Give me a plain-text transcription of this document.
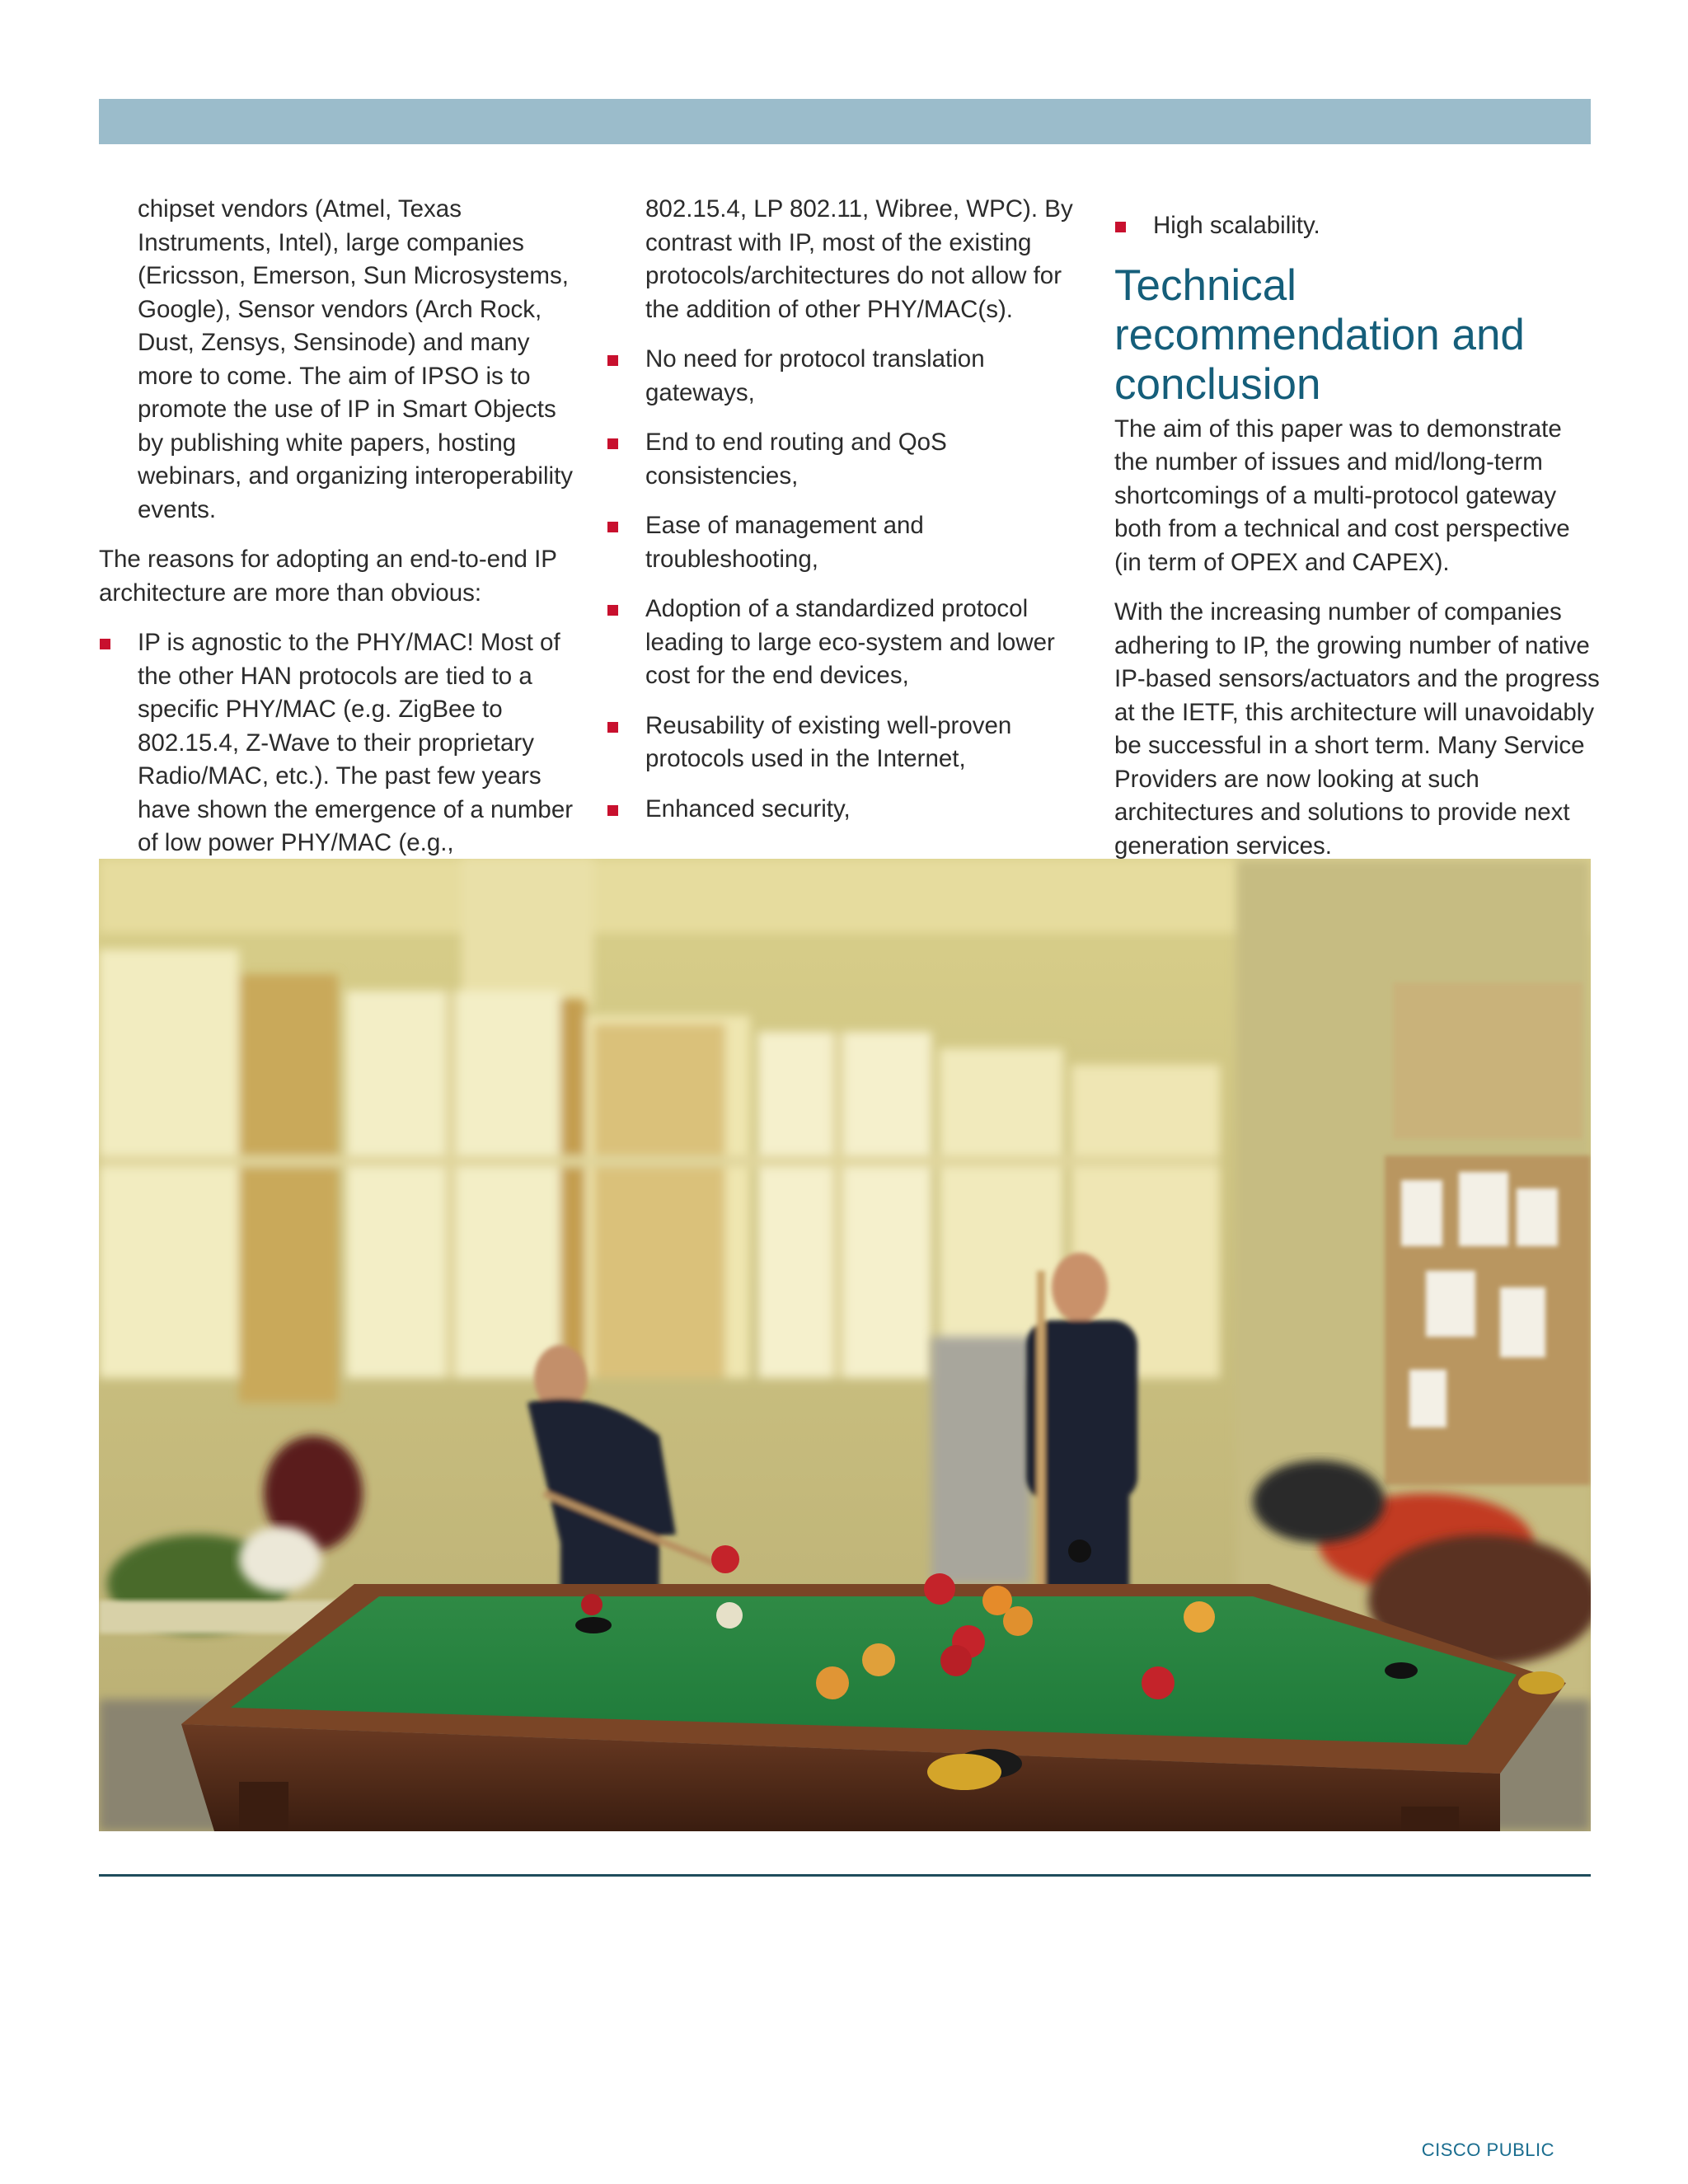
chipset vendors (Atmel, Texas Instruments, Intel), large companies (Ericsson, Emerson, Sun Microsystems, Google), Sensor vendors (Arch Rock, Dust, Zensys, Sensinode) and many more to come. The aim of IPSO is to promote the use of IP in Smart Objects by publishing white papers, hosting webinars, and organizing interoperability events.

The reasons for adopting an end-to-end IP architecture are more than obvious:

IP is agnostic to the PHY/MAC! Most of the other HAN protocols are tied to a specific PHY/MAC (e.g. ZigBee to 802.15.4, Z-Wave to their proprietary Radio/MAC, etc.). The past few years have shown the emergence of a number of low power PHY/MAC (e.g.,

802.15.4, LP 802.11, Wibree, WPC). By contrast with IP, most of the existing protocols/architectures do not allow for the addition of other PHY/MAC(s).

No need for protocol translation gateways,
End to end routing and QoS consistencies,
Ease of management and troubleshooting,
Adoption of a standardized protocol leading to large eco-system and lower cost for the end devices,
Reusability of existing well-proven protocols used in the Internet,
Enhanced security,
High scalability.
Technical recommendation and conclusion

The aim of this paper was to demonstrate the number of issues and mid/long-term shortcomings of a multi-protocol gateway both from a technical and cost perspective (in term of OPEX and CAPEX).

With the increasing number of companies adhering to IP, the growing number of native IP-based sensors/actuators and the progress at the IETF, this architecture will unavoidably be successful in a short term. Many Service Providers are now looking at such architectures and solutions to provide next generation services.

CISCO PUBLIC
